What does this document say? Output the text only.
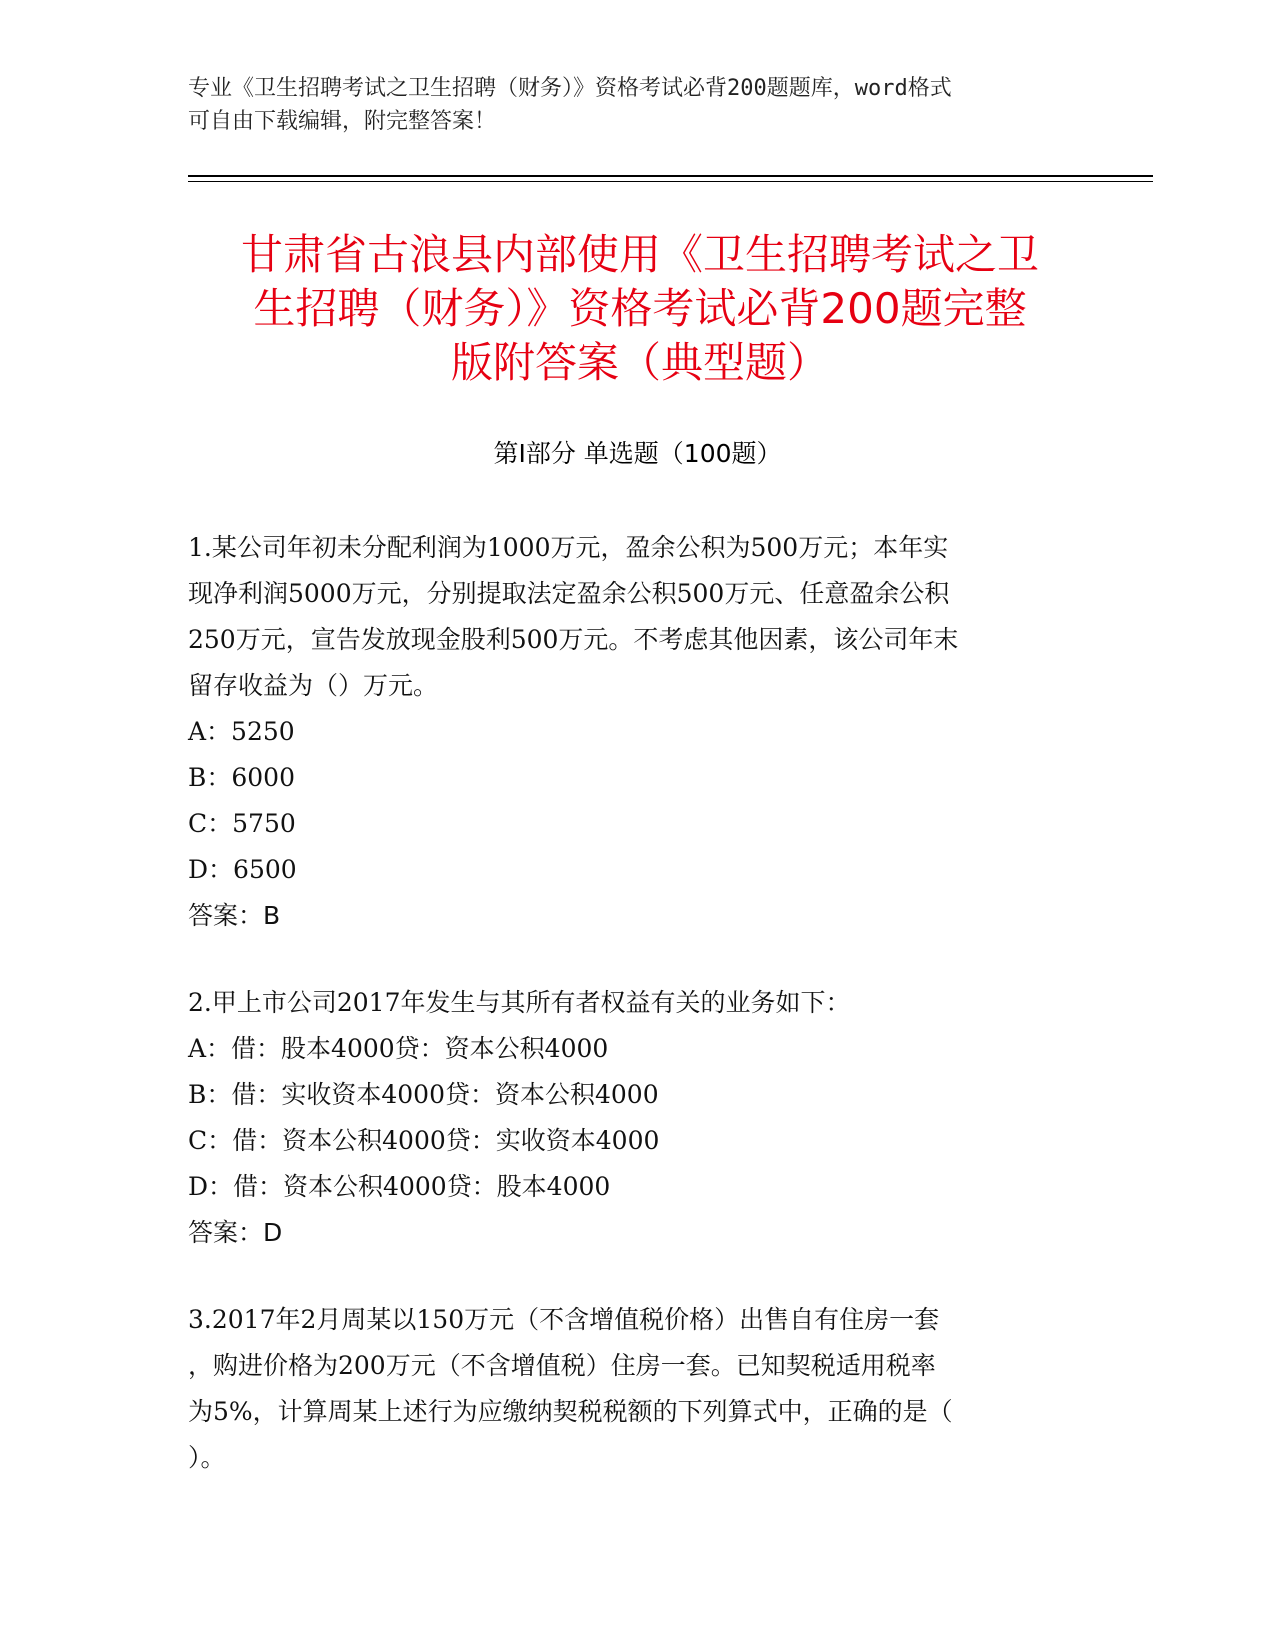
专业《卫生招聘考试之卫生招聘（财务）》资格考试必背200题题库，word格式
可自由下载编辑，附完整答案！

甘肃省古浪县内部使用《卫生招聘考试之卫
生招聘（财务）》资格考试必背200题完整
版附答案（典型题）
第Ⅰ部分 单选题（100题）

1.某公司年初未分配利润为1000万元，盈余公积为500万元；本年实
现净利润5000万元，分别提取法定盈余公积500万元、任意盈余公积
250万元，宣告发放现金股利500万元。不考虑其他因素，该公司年末
留存收益为（）万元。

A：5250

B：6000

C：5750

D：6500

答案：B

2.甲上市公司2017年发生与其所有者权益有关的业务如下：

A：借：股本4000贷：资本公积4000

B：借：实收资本4000贷：资本公积4000

C：借：资本公积4000贷：实收资本4000

D：借：资本公积4000贷：股本4000

答案：D

3.2017年2月周某以150万元（不含增值税价格）出售自有住房一套
，购进价格为200万元（不含增值税）住房一套。已知契税适用税率
为5%，计算周某上述行为应缴纳契税税额的下列算式中，正确的是（
）。
